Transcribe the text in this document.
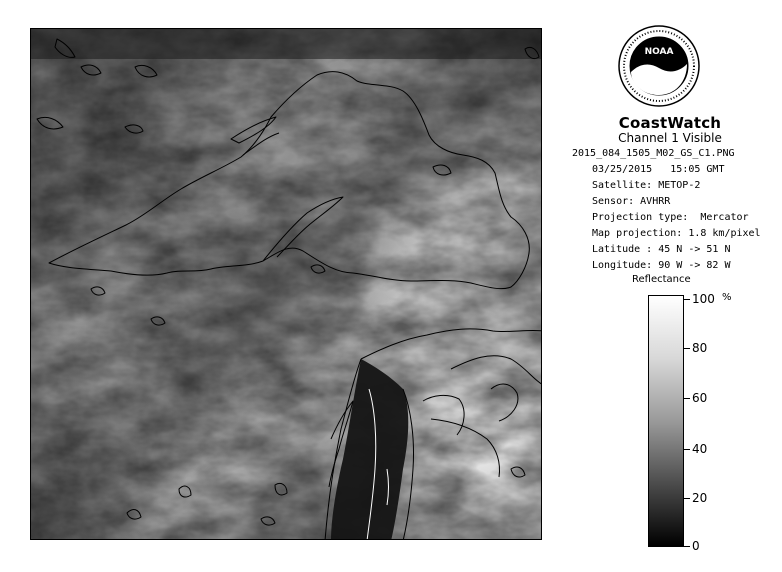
NOAA
CoastWatch
Channel 1 Visible
2015_084_1505_M02_GS_C1.PNG
03/25/2015 15:05 GMT
Satellite: METOP-2
Sensor: AVHRR
Projection type:  Mercator
Map projection: 1.8 km/pixel
Latitude : 45 N -> 51 N
Longitude: 90 W -> 82 W
Reflectance
%
100
80
60
40
20
0
